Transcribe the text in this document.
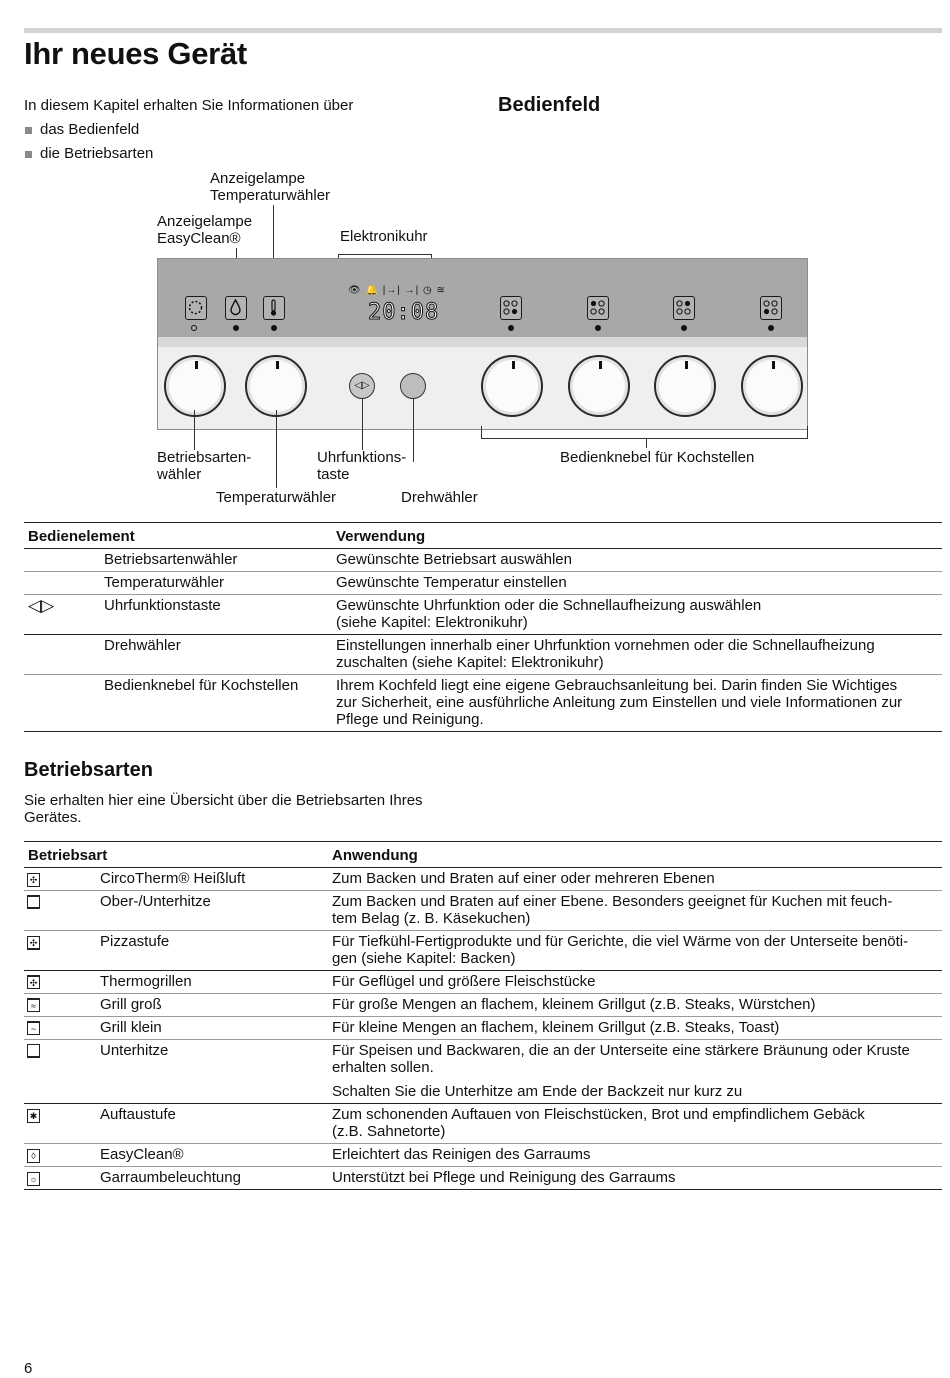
Ihr neues Gerät
In diesem Kapitel erhalten Sie Informationen über
das Bedienfeld
die Betriebsarten
Bedienfeld
Anzeigelampe
Temperaturwähler
Anzeigelampe
EasyClean®	Elektronikuhr
👁 🔔 |→| →| ◷ ≋
20:08
◁▷
Betriebsarten-
wähler
Temperaturwähler
Uhrfunktions-
taste
Drehwähler
Bedienknebel für Kochstellen
Bedienelement		Verwendung
	Betriebsartenwähler	Gewünschte Betriebsart auswählen
	Temperaturwähler	Gewünschte Temperatur einstellen
◁▷	Uhrfunktionstaste	Gewünschte Uhrfunktion oder die Schnellaufheizung auswählen
(siehe Kapitel: Elektronikuhr)

	Drehwähler	Einstellungen innerhalb einer Uhrfunktion vornehmen oder die Schnellaufheizung
zuschalten (siehe Kapitel: Elektronikuhr)

	Bedienknebel für Kochstellen	Ihrem Kochfeld liegt eine eigene Gebrauchsanleitung bei. Darin finden Sie Wichtiges
zur Sicherheit, eine ausführliche Anleitung zum Einstellen und viele Informationen zur
Pflege und Reinigung.
Betriebsarten
Sie erhalten hier eine Übersicht über die Betriebsarten Ihres
Gerätes.
Betriebsart		Anwendung
✣	CircoTherm® Heißluft	Zum Backen und Braten auf einer oder mehreren Ebenen
	Ober-/Unterhitze	Zum Backen und Braten auf einer Ebene. Besonders geeignet für Kuchen mit feuch-
tem Belag (z. B. Käsekuchen)

✣	Pizzastufe	Für Tiefkühl-Fertigprodukte und für Gerichte, die viel Wärme von der Unterseite benöti-
gen (siehe Kapitel: Backen)

✣	Thermogrillen	Für Geflügel und größere Fleischstücke
≈	Grill groß	Für große Mengen an flachem, kleinem Grillgut (z.B. Steaks, Würstchen)
~	Grill klein	Für kleine Mengen an flachem, kleinem Grillgut (z.B. Steaks, Toast)
	Unterhitze	Für Speisen und Backwaren, die an der Unterseite eine stärkere Bräunung oder Kruste
erhalten sollen.
Schalten Sie die Unterhitze am Ende der Backzeit nur kurz zu

✱	Auftaustufe	Zum schonenden Auftauen von Fleischstücken, Brot und empfindlichem Gebäck
(z.B. Sahnetorte)

◊	EasyClean®	Erleichtert das Reinigen des Garraums
☼	Garraumbeleuchtung	Unterstützt bei Pflege und Reinigung des Garraums
6
